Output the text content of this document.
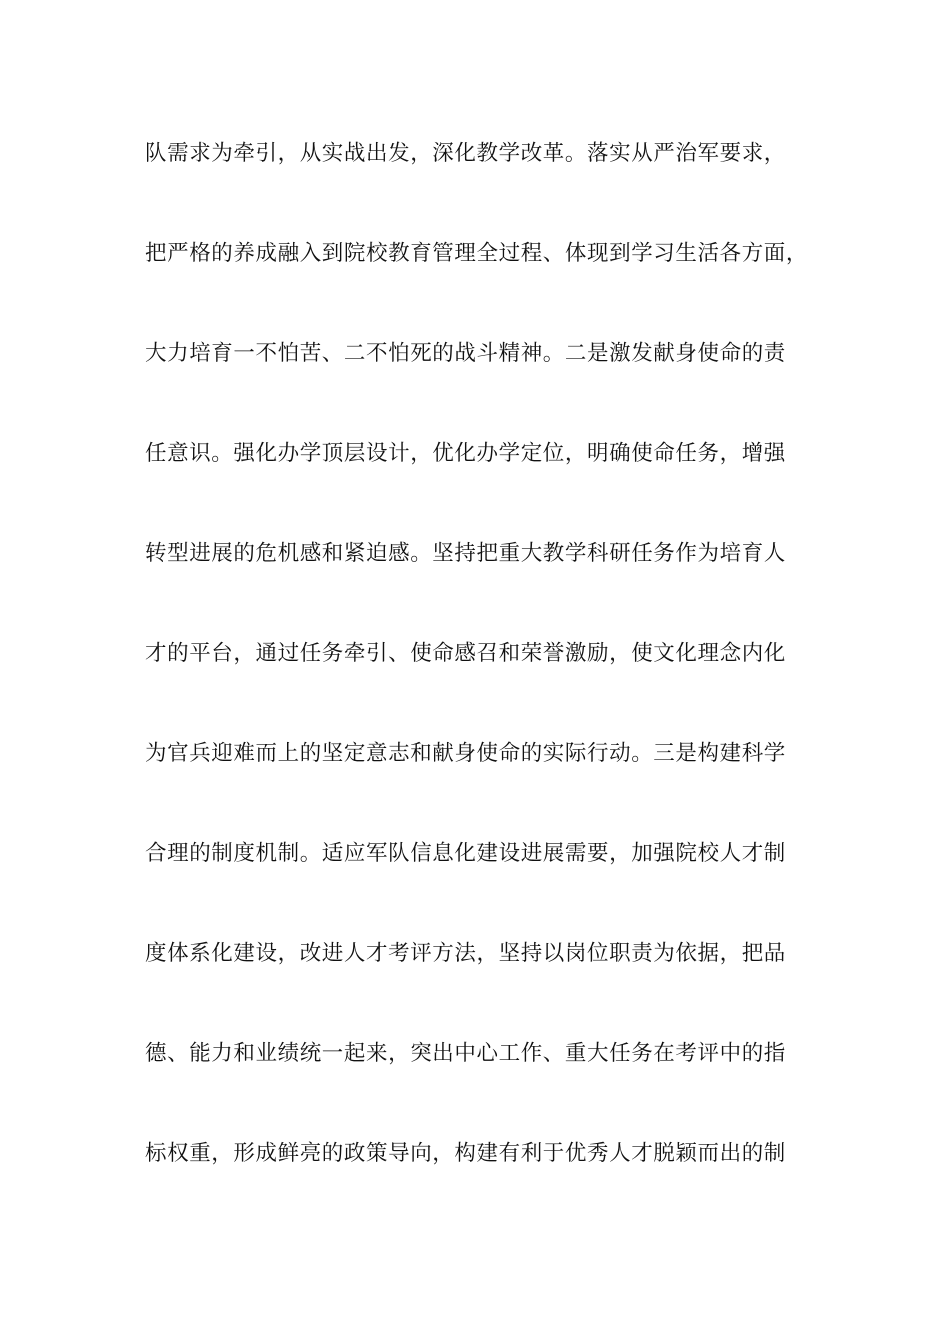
队需求为牵引，从实战出发，深化教学改革。落实从严治军要求，
把严格的养成融入到院校教育管理全过程、体现到学习生活各方面，
大力培育一不怕苦、二不怕死的战斗精神。二是激发献身使命的责
任意识。强化办学顶层设计，优化办学定位，明确使命任务，增强
转型进展的危机感和紧迫感。坚持把重大教学科研任务作为培育人
才的平台，通过任务牵引、使命感召和荣誉激励，使文化理念内化
为官兵迎难而上的坚定意志和献身使命的实际行动。三是构建科学
合理的制度机制。适应军队信息化建设进展需要，加强院校人才制
度体系化建设，改进人才考评方法，坚持以岗位职责为依据，把品
德、能力和业绩统一起来，突出中心工作、重大任务在考评中的指
标权重，形成鲜亮的政策导向，构建有利于优秀人才脱颖而出的制
